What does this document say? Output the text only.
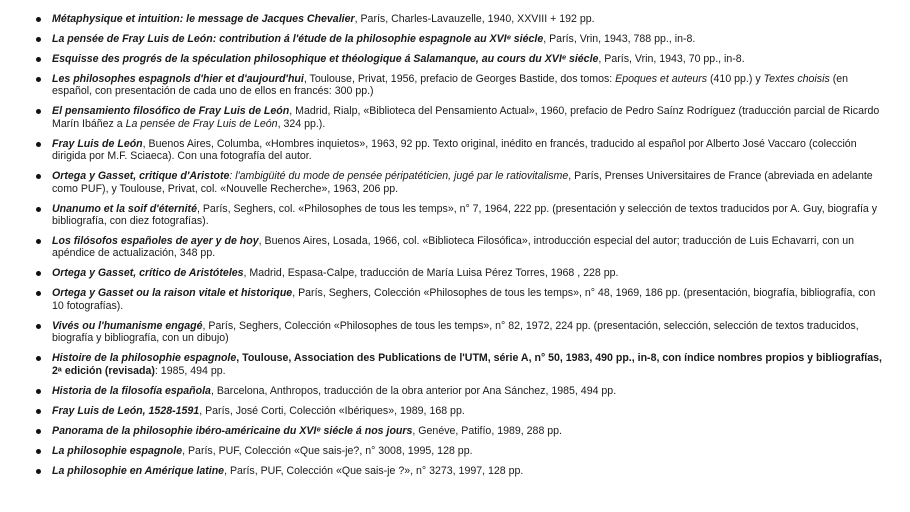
Métaphysique et intuition: le message de Jacques Chevalier, París, Charles-Lavauzelle, 1940, XXVIII + 192 pp.
La pensée de Fray Luis de León: contribution á l'étude de la philosophie espagnole au XVIᵉ siécle, París, Vrin, 1943, 788 pp., in-8.
Esquisse des progrés de la spéculation philosophique et théologique á Salamanque, au cours du XVIᵉ siécle, París, Vrin, 1943, 70 pp., in-8.
Les philosophes espagnols d'hier et d'aujourd'hui, Toulouse, Privat, 1956, prefacio de Georges Bastide, dos tomos: Epoques et auteurs (410 pp.) y Textes choisis (en español, con presentación de cada uno de ellos en francés: 300 pp.)
El pensamiento filosófico de Fray Luis de León, Madrid, Rialp, «Biblioteca del Pensamiento Actual», 1960, prefacio de Pedro Saínz Rodríguez (traducción parcial de Ricardo Marín Ibáñez a La pensée de Fray Luis de León, 324 pp.).
Fray Luis de León, Buenos Aires, Columba, «Hombres inquietos», 1963, 92 pp. Texto original, inédito en francés, traducido al español por Alberto José Vaccaro (colección dirigida por M.F. Sciaeca). Con una fotografía del autor.
Ortega y Gasset, critique d'Aristote: l'ambigüité du mode de pensée péripatéticien, jugé par le ratiovitalisme, París, Prenses Universitaires de France (abreviada en adelante como PUF), y Toulouse, Privat, col. «Nouvelle Recherche», 1963, 206 pp.
Unanumo et la soif d'éternité, París, Seghers, col. «Philosophes de tous les temps», n° 7, 1964, 222 pp. (presentación y selección de textos traducidos por A. Guy, biografía y bibliografía, con diez fotografías).
Los filósofos españoles de ayer y de hoy, Buenos Aires, Losada, 1966, col. «Biblioteca Filosófica», introducción especial del autor; traducción de Luis Echavarri, con un apéndice de actualización, 348 pp.
Ortega y Gasset, crítico de Aristóteles, Madrid, Espasa-Calpe, traducción de María Luisa Pérez Torres, 1968 , 228 pp.
Ortega y Gasset ou la raison vitale et historique, París, Seghers, Colección «Philosophes de tous les temps», n° 48, 1969, 186 pp. (presentación, biografía, bibliografía, con 10 fotografías).
Vivés ou l'humanisme engagé, París, Seghers, Colección «Philosophes de tous les temps», n° 82, 1972, 224 pp. (presentación, selección, selección de textos traducidos, biografía y bibliografía, con un dibujo)
Histoire de la philosophie espagnole, Toulouse, Association des Publications de l'UTM, série A, n° 50, 1983, 490 pp., in-8, con índice nombres propios y bibliografías, 2ᵃ edición (revisada): 1985, 494 pp.
Historia de la filosofía española, Barcelona, Anthropos, traducción de la obra anterior por Ana Sánchez, 1985, 494 pp.
Fray Luis de León, 1528-1591, París, José Corti, Colección «Ibériques», 1989, 168 pp.
Panorama de la philosophie ibéro-américaine du XVIᵉ siécle á nos jours, Genéve, Patifío, 1989, 288 pp.
La philosophie espagnole, París, PUF, Colección «Que sais-je?, n° 3008, 1995, 128 pp.
La philosophie en Amérique latine, París, PUF, Colección «Que sais-je ?», n° 3273, 1997, 128 pp.
